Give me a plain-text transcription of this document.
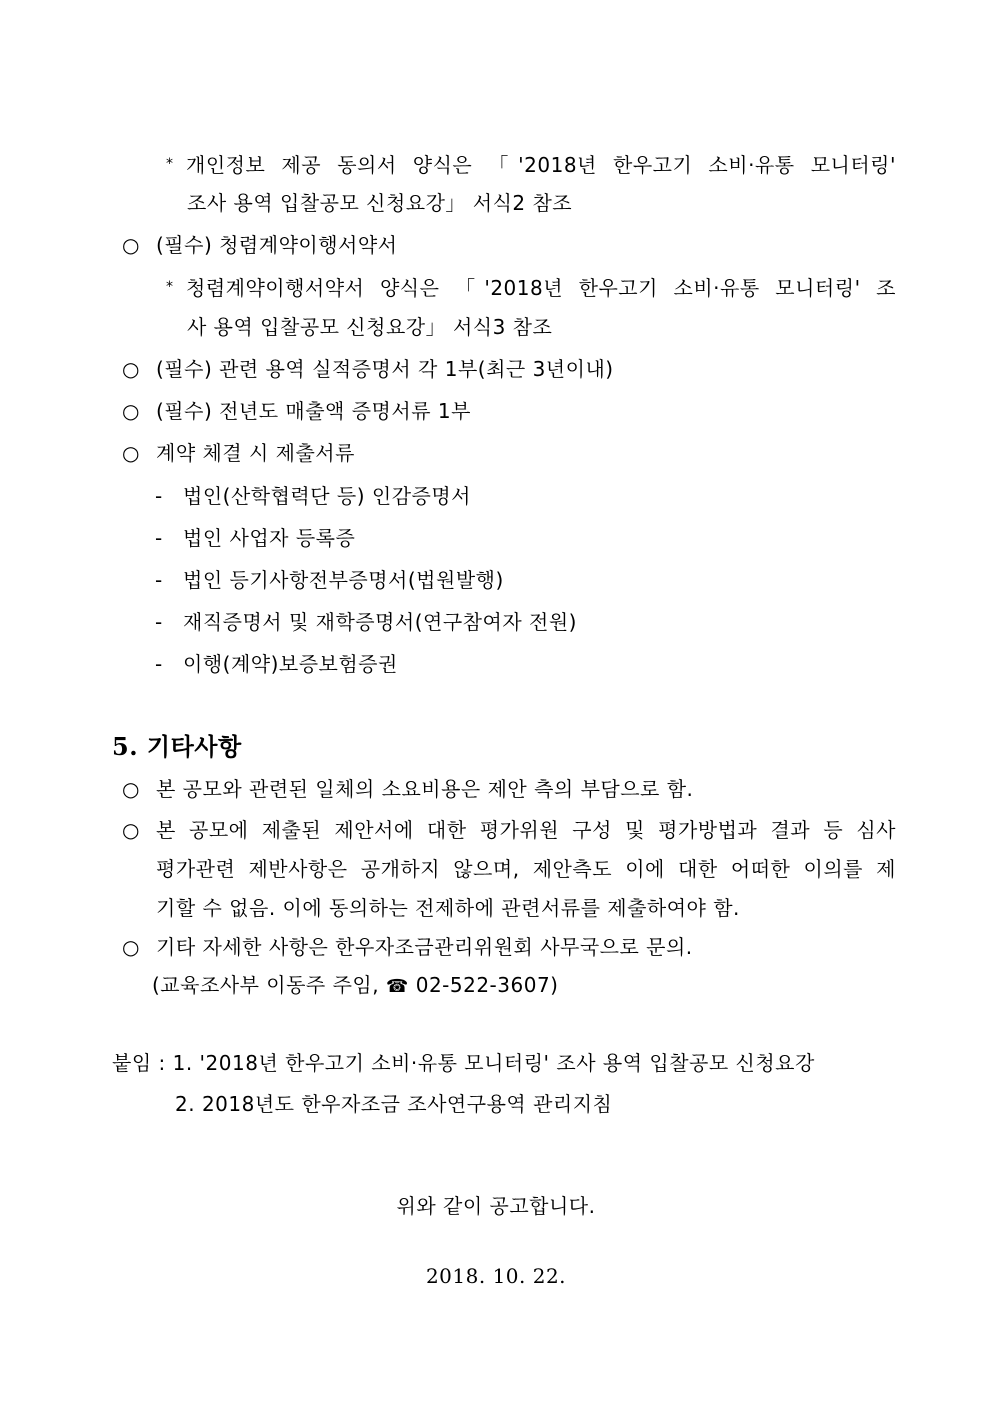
* 개인정보 제공 동의서 양식은 「'2018년 한우고기 소비·유통 모니터링'
조사 용역 입찰공모 신청요강」 서식2 참조
○ (필수) 청렴계약이행서약서
* 청렴계약이행서약서 양식은 「'2018년 한우고기 소비·유통 모니터링' 조
사 용역 입찰공모 신청요강」 서식3 참조
○ (필수) 관련 용역 실적증명서 각 1부(최근 3년이내)
○ (필수) 전년도 매출액 증명서류 1부
○ 계약 체결 시 제출서류
- 법인(산학협력단 등) 인감증명서
- 법인 사업자 등록증
- 법인 등기사항전부증명서(법원발행)
- 재직증명서 및 재학증명서(연구참여자 전원)
- 이행(계약)보증보험증권
5. 기타사항
○ 본 공모와 관련된 일체의 소요비용은 제안 측의 부담으로 함.
○ 본 공모에 제출된 제안서에 대한 평가위원 구성 및 평가방법과 결과 등 심사
평가관련 제반사항은 공개하지 않으며, 제안측도 이에 대한 어떠한 이의를 제
기할 수 없음. 이에 동의하는 전제하에 관련서류를 제출하여야 함.
○ 기타 자세한 사항은 한우자조금관리위원회 사무국으로 문의.
(교육조사부 이동주 주임, ☎ 02-522-3607)
붙임 : 1. '2018년 한우고기 소비·유통 모니터링' 조사 용역 입찰공모 신청요강
2. 2018년도 한우자조금 조사연구용역 관리지침
위와 같이 공고합니다.
2018. 10. 22.
